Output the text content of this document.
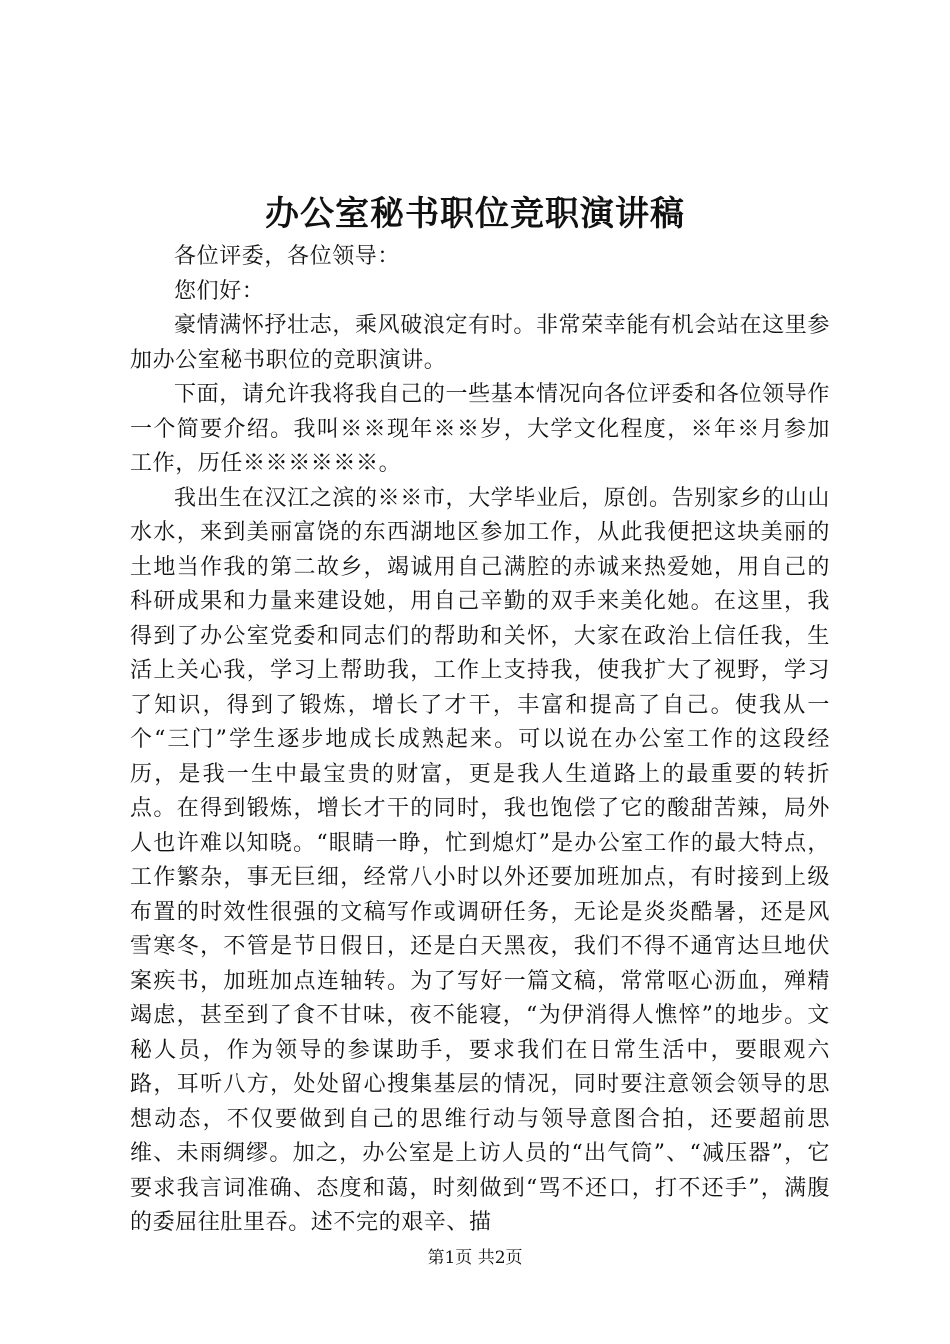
办公室秘书职位竞职演讲稿

各位评委，各位领导：

您们好：

豪情满怀抒壮志，乘风破浪定有时。非常荣幸能有机会站在这里参加办公室秘书职位的竞职演讲。

下面，请允许我将我自己的一些基本情况向各位评委和各位领导作一个简要介绍。我叫※※现年※※岁，大学文化程度，※年※月参加工作，历任※※※※※※。

我出生在汉江之滨的※※市，大学毕业后，原创。告别家乡的山山水水，来到美丽富饶的东西湖地区参加工作，从此我便把这块美丽的土地当作我的第二故乡，竭诚用自己满腔的赤诚来热爱她，用自己的科研成果和力量来建设她，用自己辛勤的双手来美化她。在这里，我得到了办公室党委和同志们的帮助和关怀，大家在政治上信任我，生活上关心我，学习上帮助我，工作上支持我，使我扩大了视野，学习了知识，得到了锻炼，增长了才干，丰富和提高了自己。使我从一个“三门”学生逐步地成长成熟起来。可以说在办公室工作的这段经历，是我一生中最宝贵的财富，更是我人生道路上的最重要的转折点。在得到锻炼，增长才干的同时，我也饱偿了它的酸甜苦辣，局外人也许难以知晓。“眼睛一睁，忙到熄灯”是办公室工作的最大特点，工作繁杂，事无巨细，经常八小时以外还要加班加点，有时接到上级布置的时效性很强的文稿写作或调研任务，无论是炎炎酷暑，还是风雪寒冬，不管是节日假日，还是白天黑夜，我们不得不通宵达旦地伏案疾书，加班加点连轴转。为了写好一篇文稿，常常呕心沥血，殚精竭虑，甚至到了食不甘味，夜不能寝，“为伊消得人憔悴”的地步。文秘人员，作为领导的参谋助手，要求我们在日常生活中，要眼观六路，耳听八方，处处留心搜集基层的情况，同时要注意领会领导的思想动态，不仅要做到自己的思维行动与领导意图合拍，还要超前思维、未雨绸缪。加之，办公室是上访人员的“出气筒”、“减压器”，它要求我言词准确、态度和蔼，时刻做到“骂不还口，打不还手”，满腹的委屈往肚里吞。述不完的艰辛、描

第1页 共2页
